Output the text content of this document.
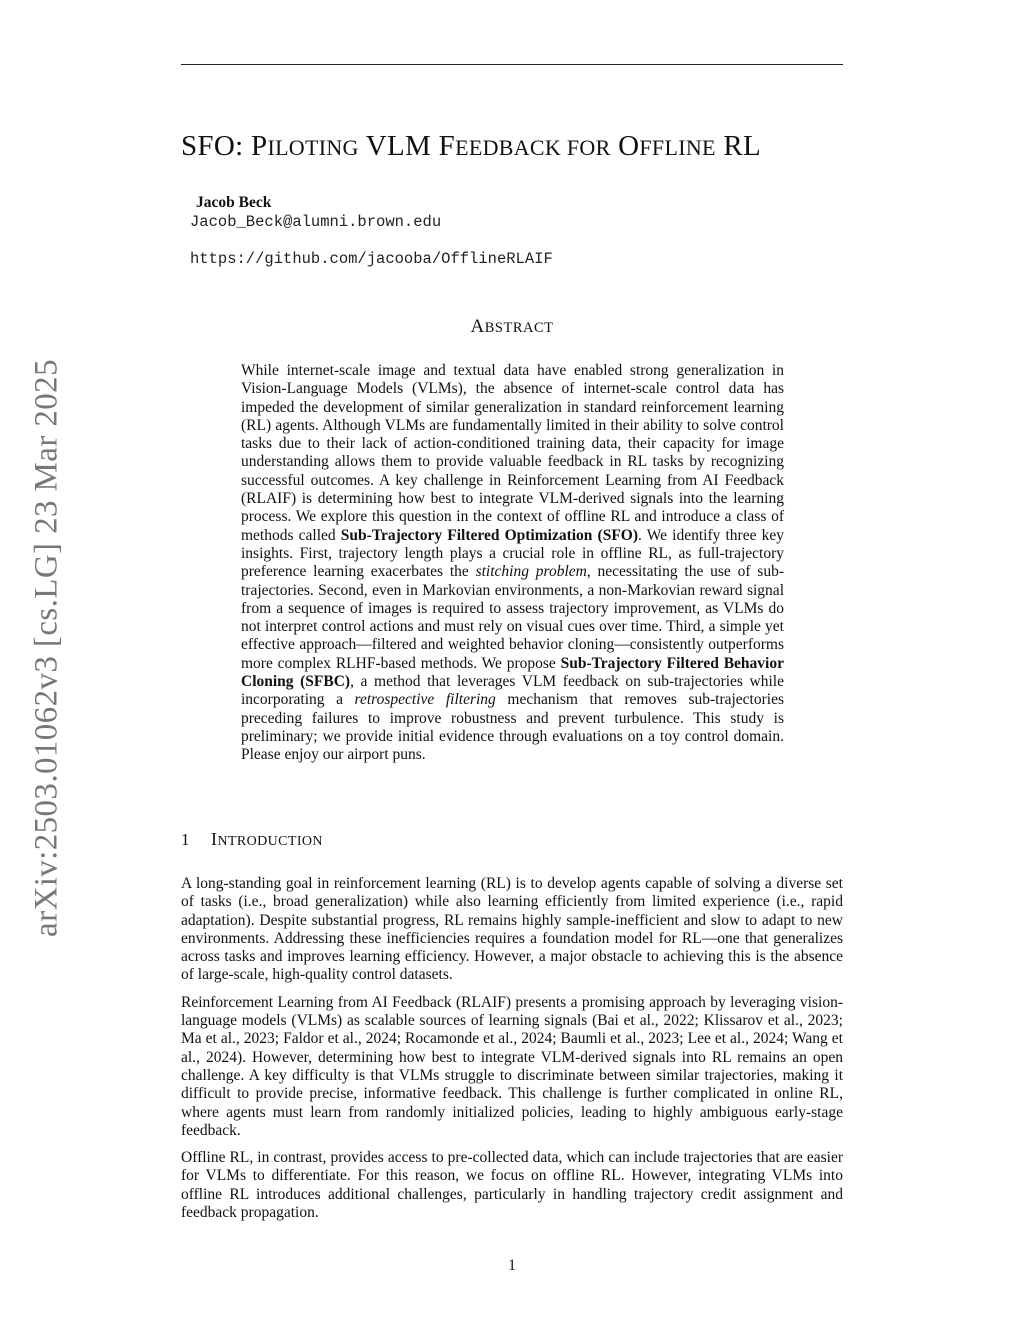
SFO: PILOTING VLM FEEDBACK FOR OFFLINE RL
Jacob Beck
Jacob_Beck@alumni.brown.edu
https://github.com/jacooba/OfflineRLAIF
ABSTRACT
While internet-scale image and textual data have enabled strong generalization in Vision-Language Models (VLMs), the absence of internet-scale control data has impeded the development of similar generalization in standard reinforcement learning (RL) agents. Although VLMs are fundamentally limited in their ability to solve control tasks due to their lack of action-conditioned training data, their capacity for image understanding allows them to provide valuable feedback in RL tasks by recognizing successful outcomes. A key challenge in Reinforcement Learning from AI Feedback (RLAIF) is determining how best to integrate VLM-derived signals into the learning process. We explore this question in the context of offline RL and introduce a class of methods called Sub-Trajectory Filtered Optimization (SFO). We identify three key insights. First, trajectory length plays a crucial role in offline RL, as full-trajectory preference learning exacerbates the stitching problem, necessitating the use of sub-trajectories. Second, even in Markovian environments, a non-Markovian reward signal from a sequence of images is required to assess trajectory improvement, as VLMs do not interpret control actions and must rely on visual cues over time. Third, a simple yet effective approach—filtered and weighted behavior cloning—consistently outperforms more complex RLHF-based methods. We propose Sub-Trajectory Filtered Behavior Cloning (SFBC), a method that leverages VLM feedback on sub-trajectories while incorporating a retrospective filtering mechanism that removes sub-trajectories preceding failures to improve robustness and prevent turbulence. This study is preliminary; we provide initial evidence through evaluations on a toy control domain. Please enjoy our airport puns.
arXiv:2503.01062v3 [cs.LG] 23 Mar 2025	1 INTRODUCTION

A long-standing goal in reinforcement learning (RL) is to develop agents capable of solving a diverse set of tasks (i.e., broad generalization) while also learning efficiently from limited experience (i.e., rapid adaptation). Despite substantial progress, RL remains highly sample-inefficient and slow to adapt to new environments. Addressing these inefficiencies requires a foundation model for RL—one that generalizes across tasks and improves learning efficiency. However, a major obstacle to achieving this is the absence of large-scale, high-quality control datasets.

Reinforcement Learning from AI Feedback (RLAIF) presents a promising approach by leveraging vision-language models (VLMs) as scalable sources of learning signals (Bai et al., 2022; Klissarov et al., 2023; Ma et al., 2023; Faldor et al., 2024; Rocamonde et al., 2024; Baumli et al., 2023; Lee et al., 2024; Wang et al., 2024). However, determining how best to integrate VLM-derived signals into RL remains an open challenge. A key difficulty is that VLMs struggle to discriminate between similar trajectories, making it difficult to provide precise, informative feedback. This challenge is further complicated in online RL, where agents must learn from randomly initialized policies, leading to highly ambiguous early-stage feedback.

Offline RL, in contrast, provides access to pre-collected data, which can include trajectories that are easier for VLMs to differentiate. For this reason, we focus on offline RL. However, integrating VLMs into offline RL introduces additional challenges, particularly in handling trajectory credit assignment and feedback propagation.

1
